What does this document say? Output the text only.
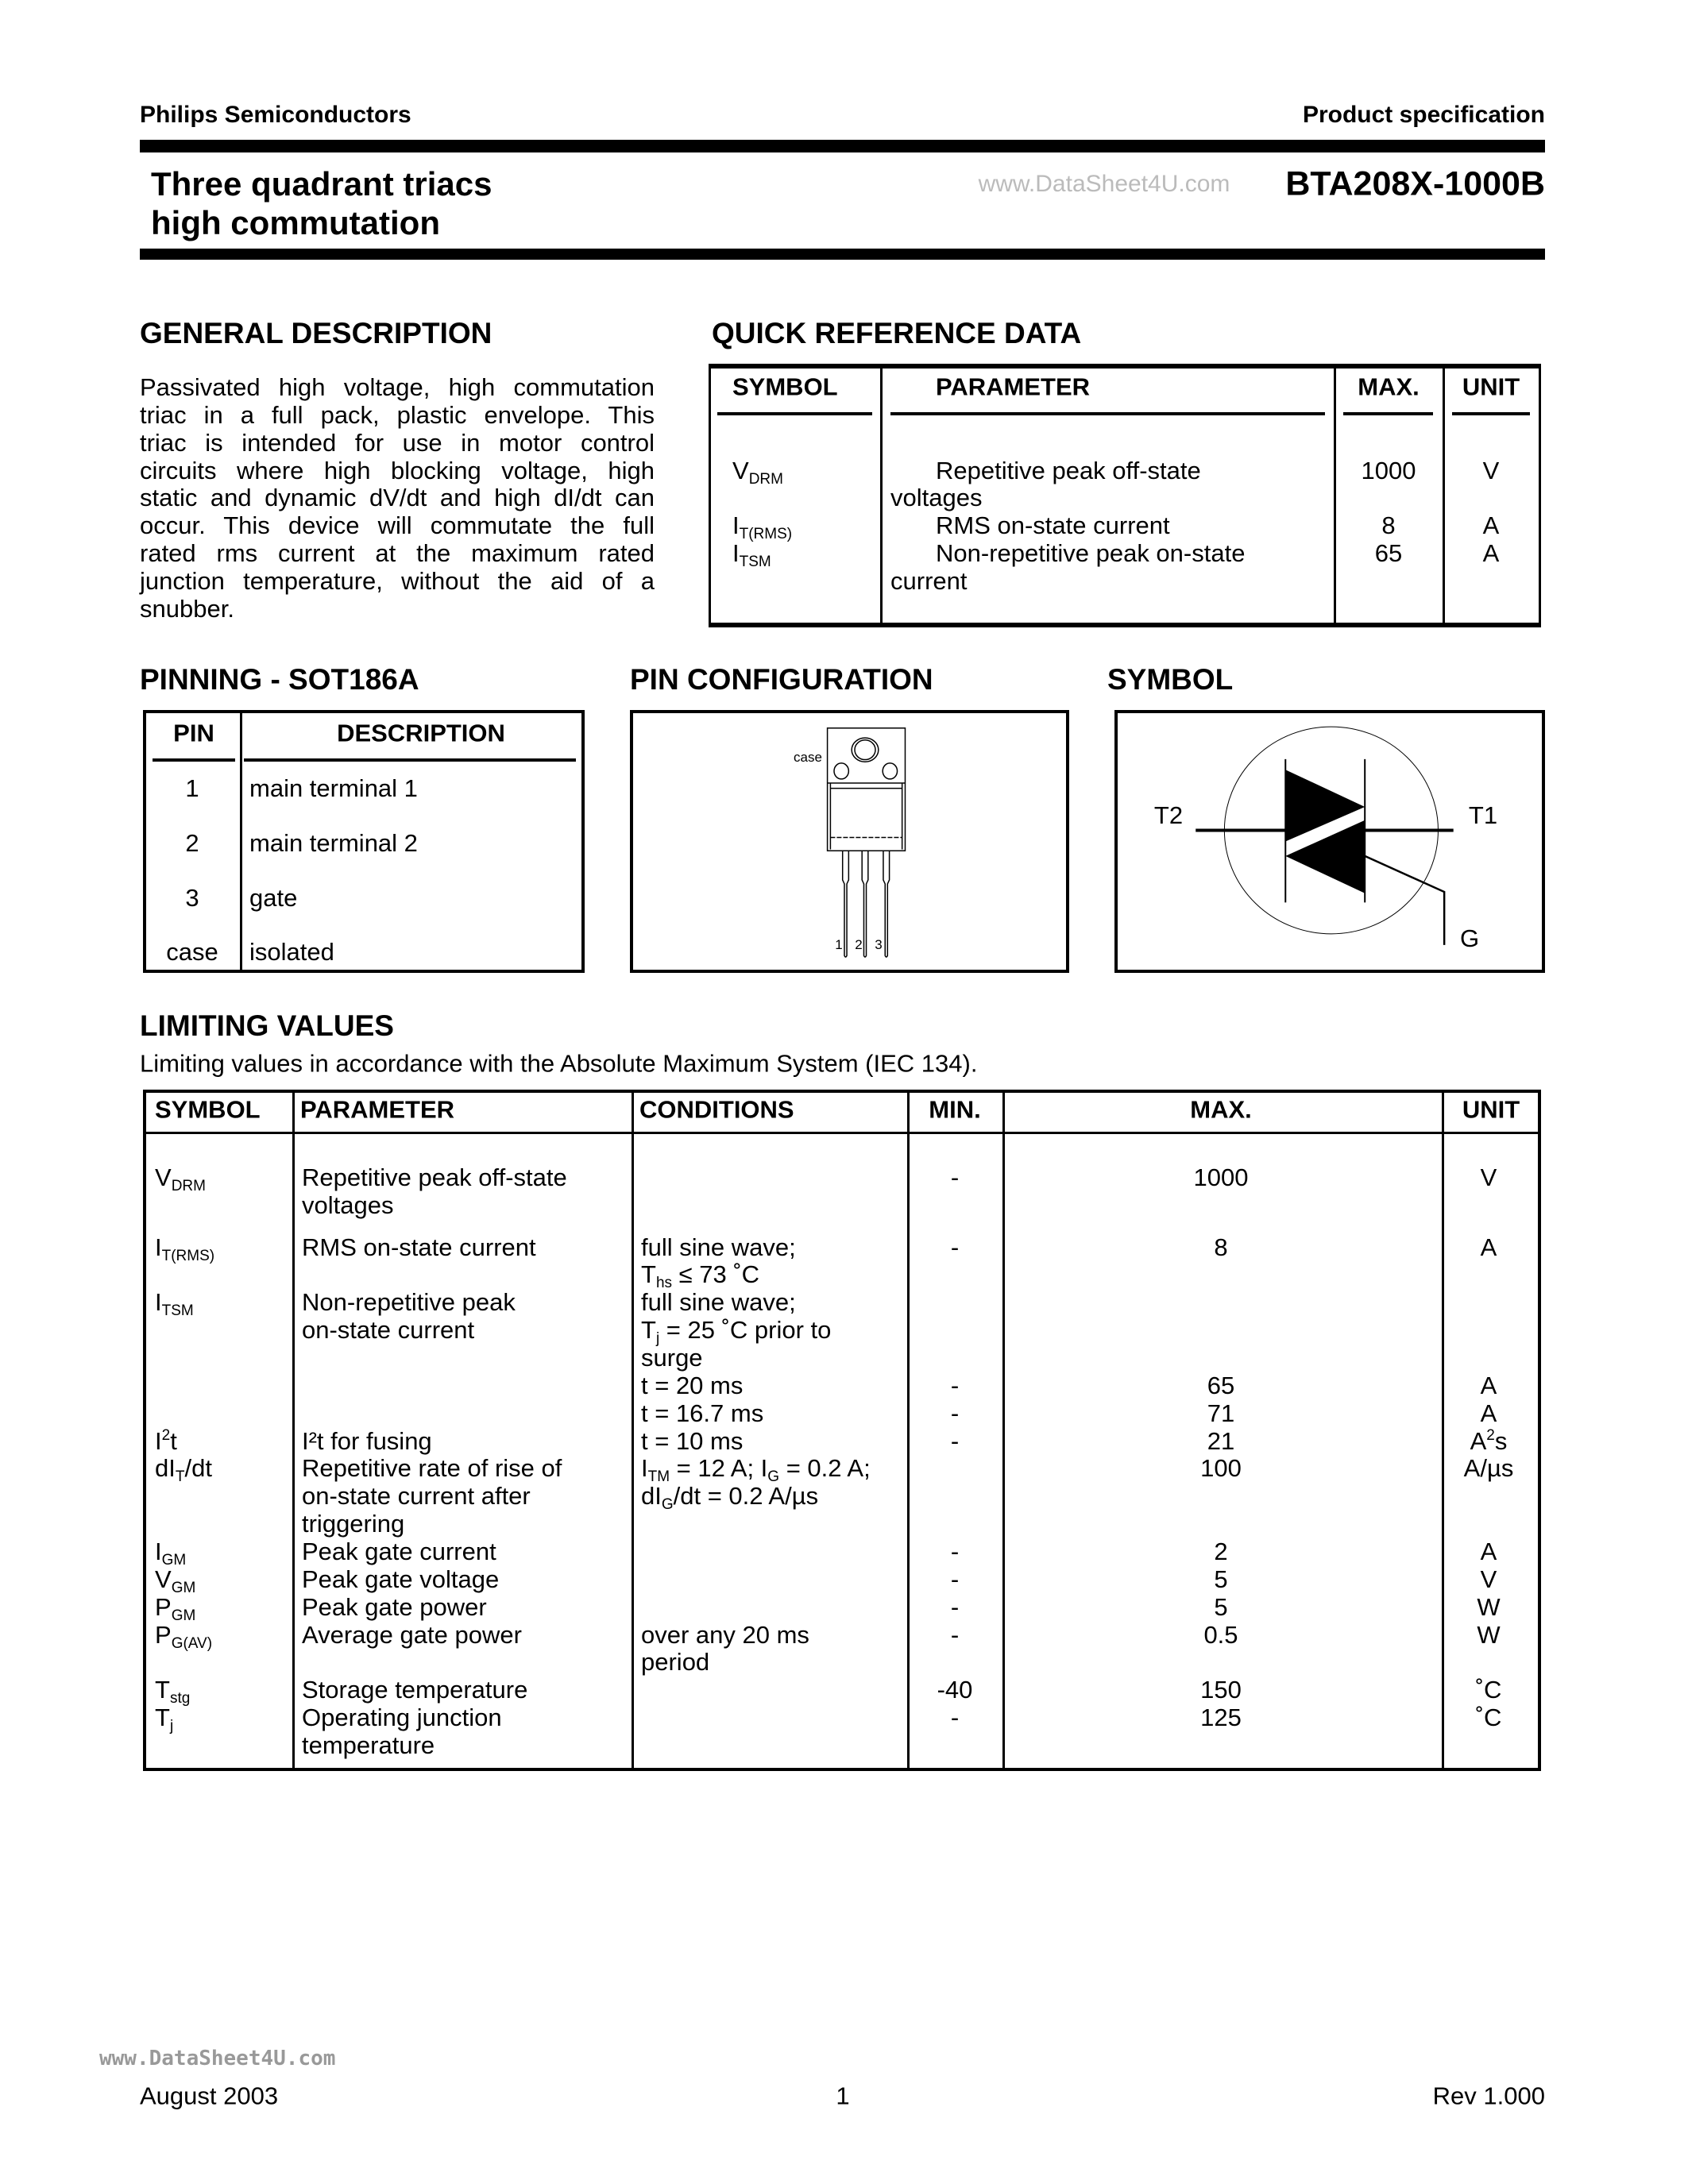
Philips Semiconductors	Product specification
www.DataSheet4U.com
Three quadrant triacs
high commutation
BTA208X-1000B
GENERAL DESCRIPTION
Passivated high voltage, high commutation
triac in a full pack, plastic envelope. This
triac is intended for use in motor control
circuits where high blocking voltage, high
static and dynamic dV/dt and high dI/dt can
occur. This device will commutate the full
rated rms current at the maximum rated
junction temperature, without the aid of a
snubber.
QUICK REFERENCE DATA
SYMBOL	PARAMETER	MAX. UNIT
$V_{DRM}$	Repetitive peak off-state
voltages
1000	V
$I_{T(RMS)}$	RMS on-state current	8	A
$I_{TSM}$	Non-repetitive peak on-state
current
65	A
PINNING - SOT186A
PIN	DESCRIPTION
1 main terminal 1
2 main terminal 2
3 gate
case isolated
PIN CONFIGURATION
case
1 2 3
SYMBOL
T2	T1
G
LIMITING VALUES
Limiting values in accordance with the Absolute Maximum System (IEC 134).
SYMBOL PARAMETER	CONDITIONS	MIN.	MAX.	UNIT
$V_{DRM}$	Repetitive peak off-state
voltages
-	1000	V
$I_{T(RMS)}$	RMS on-state current	full sine wave;
$T_{hs} \le 73$ ˚C
-	8	A
$I_{TSM}$	Non-repetitive peak
on-state current
full sine wave;
$T_j = 25$ ˚C prior to
surge
t = 20 ms	-	65	A
t = 16.7 ms	-	71	A
$I^2t$	I²t for fusing	t = 10 ms	-	21	$A^2s$
$dI_T/dt$	Repetitive rate of rise of
on-state current after
triggering
$I_{TM} = 12$ A; $I_G = 0.2$ A;
$dI_G/dt = 0.2$ A/µs
100	A/µs
$I_{GM}$	Peak gate current	-	2	A
$V_{GM}$	Peak gate voltage	-	5	V
$P_{GM}$	Peak gate power	-	5	W
$P_{G(AV)}$	Average gate power	over any 20 ms
period
-	0.5	W
$T_{stg}$	Storage temperature	-40	150	˚C
$T_j$	Operating junction
temperature
-	125	˚C
www.DataSheet4U.com
August 2003	1	Rev 1.000
